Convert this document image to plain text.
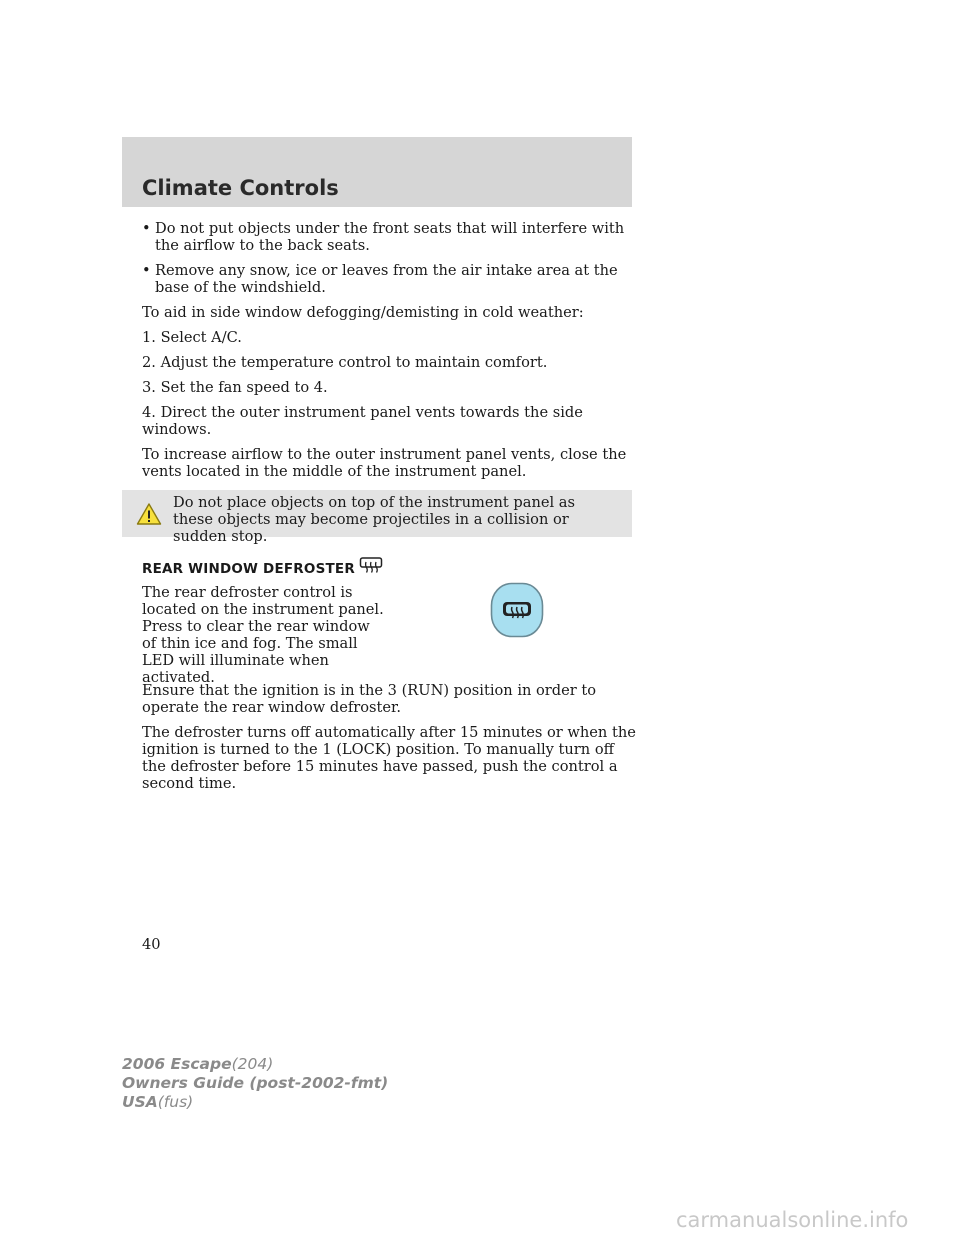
Climate Controls
• Do not put objects under the front seats that will interfere with the airflow to the back seats.
• Remove any snow, ice or leaves from the air intake area at the base of the windshield.

To aid in side window defogging/demisting in cold weather:

1. Select A/C.

2. Adjust the temperature control to maintain comfort.

3. Set the fan speed to 4.

4. Direct the outer instrument panel vents towards the side windows.

To increase airflow to the outer instrument panel vents, close the vents located in the middle of the instrument panel.

Do not place objects on top of the instrument panel as these objects may become projectiles in a collision or sudden stop.
REAR WINDOW DEFROSTER
The rear defroster control is located on the instrument panel. Press to clear the rear window of thin ice and fog. The small LED will illuminate when activated.

Ensure that the ignition is in the 3 (RUN) position in order to operate the rear window defroster.

The defroster turns off automatically after 15 minutes or when the ignition is turned to the 1 (LOCK) position. To manually turn off the defroster before 15 minutes have passed, push the control a second time.

40
2006 Escape(204)
Owners Guide (post-2002-fmt)
USA(fus)
carmanualsonline.info
